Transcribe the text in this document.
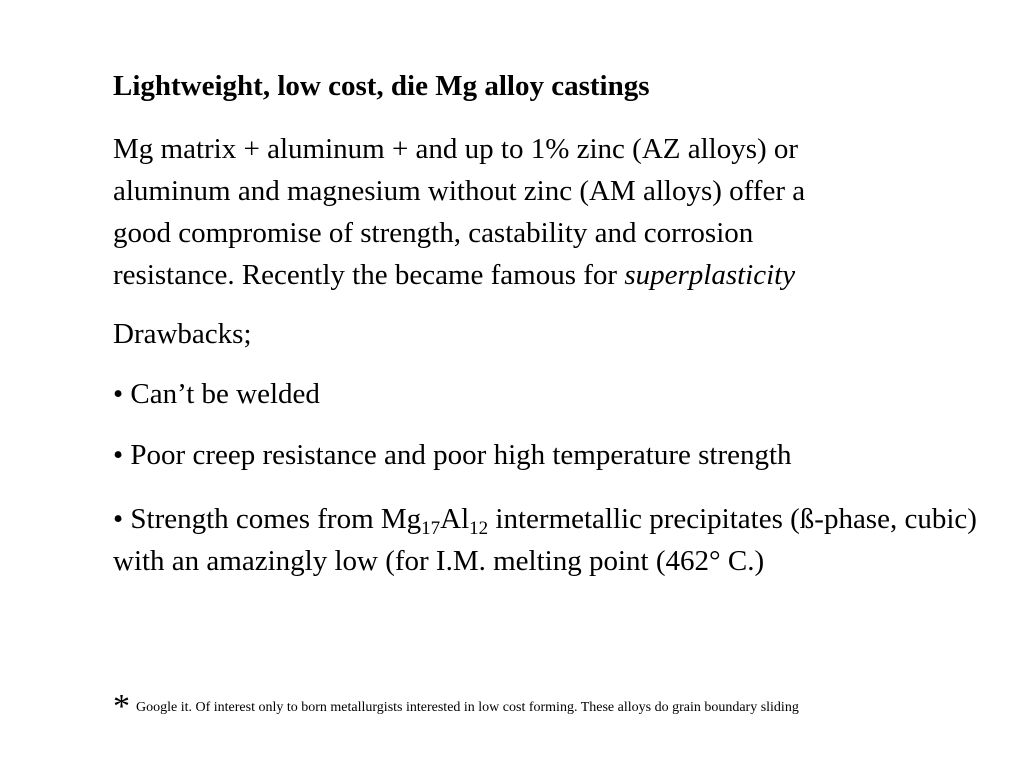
Lightweight, low cost, die Mg alloy castings
Mg matrix + aluminum + and up to 1% zinc (AZ alloys) or
aluminum and magnesium without zinc (AM alloys) offer a
good compromise of strength, castability and corrosion
resistance. Recently the became famous for superplasticity
Drawbacks;
• Can’t be welded
• Poor creep resistance and poor high temperature strength
• Strength comes from $Mg_{17}Al_{12}$ intermetallic precipitates (ß-phase, cubic) with an amazingly low (for I.M. melting point (462° C.)
* Google it. Of interest only to born metallurgists interested in low cost forming. These alloys do grain boundary sliding
